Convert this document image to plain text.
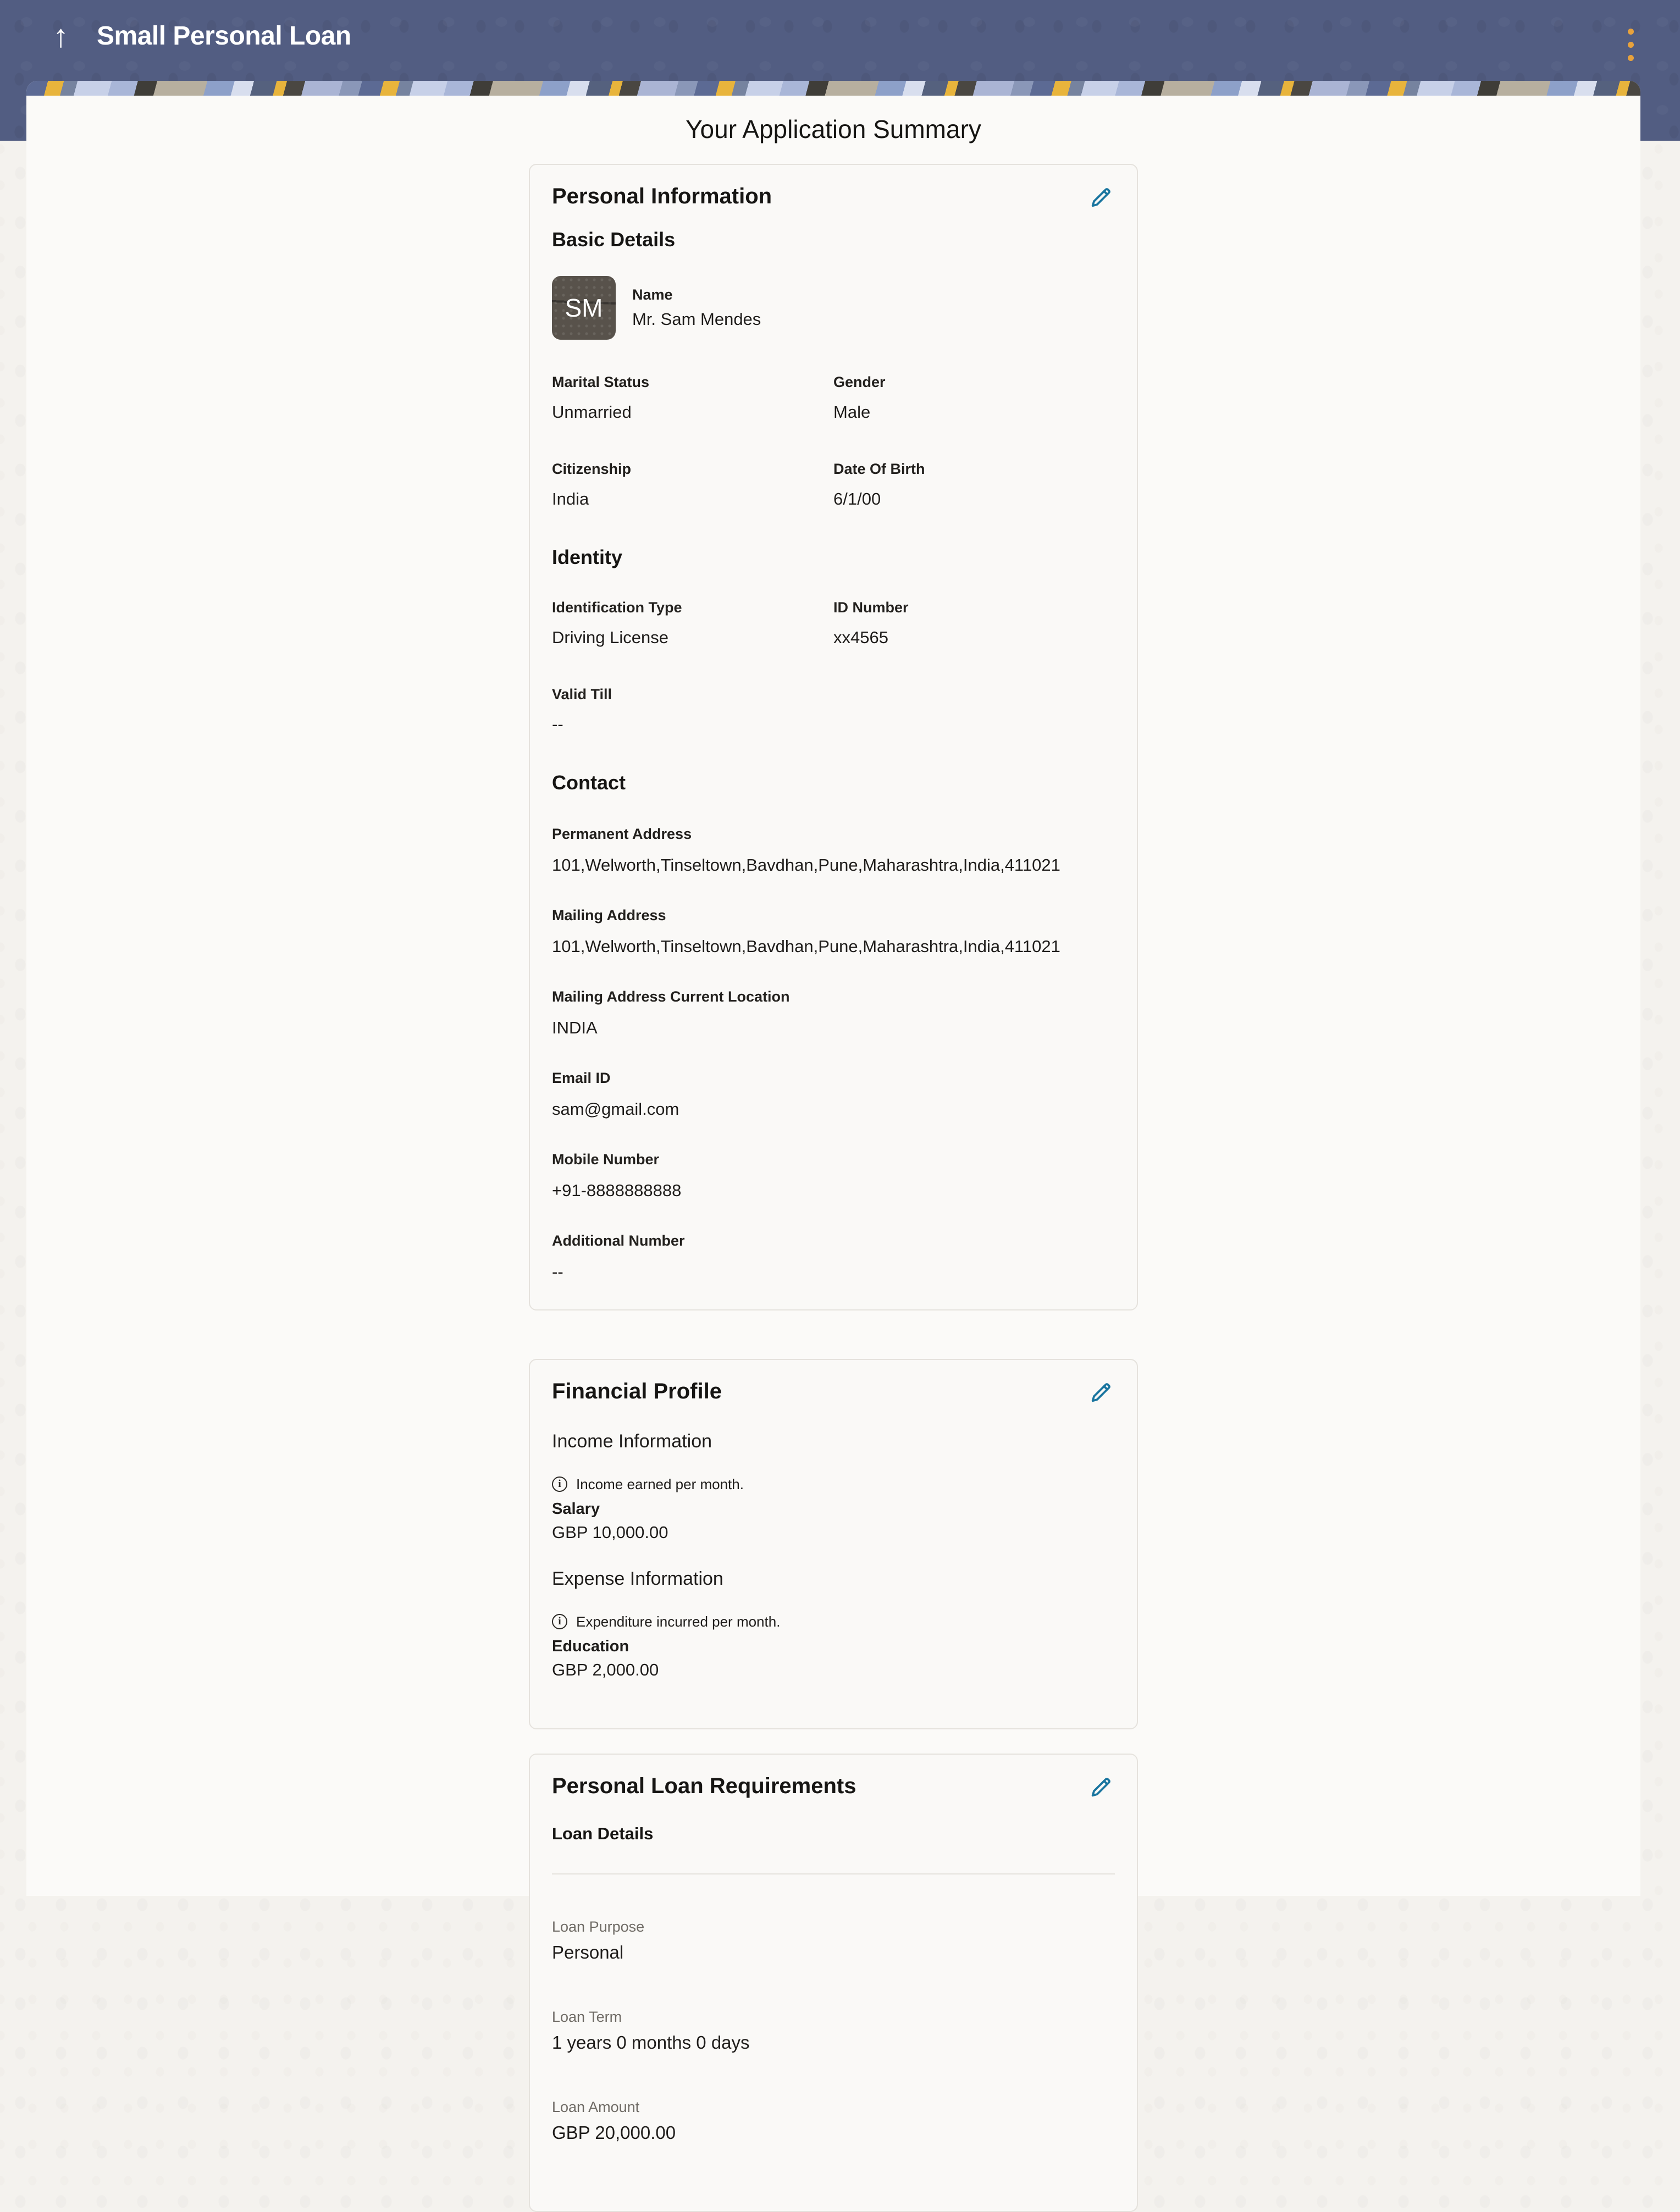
↑ Small Personal Loan
Your Application Summary
Personal Information
Basic Details
SM	Name
Mr. Sam Mendes
Marital Status
Unmarried
Gender
Male
Citizenship
India
Date Of Birth
6/1/00
Identity
Identification Type
Driving License
ID Number
xx4565
Valid Till
--
Contact
Permanent Address
101,Welworth,Tinseltown,Bavdhan,Pune,Maharashtra,India,411021
Mailing Address
101,Welworth,Tinseltown,Bavdhan,Pune,Maharashtra,India,411021
Mailing Address Current Location
INDIA
Email ID
sam@gmail.com
Mobile Number
+91-8888888888
Additional Number
--
Financial Profile
Income Information
i	Income earned per month.
Salary
GBP 10,000.00
Expense Information
i	Expenditure incurred per month.
Education
GBP 2,000.00
Personal Loan Requirements
Loan Details
Loan Purpose
Personal
Loan Term
1 years 0 months 0 days
Loan Amount
GBP 20,000.00
